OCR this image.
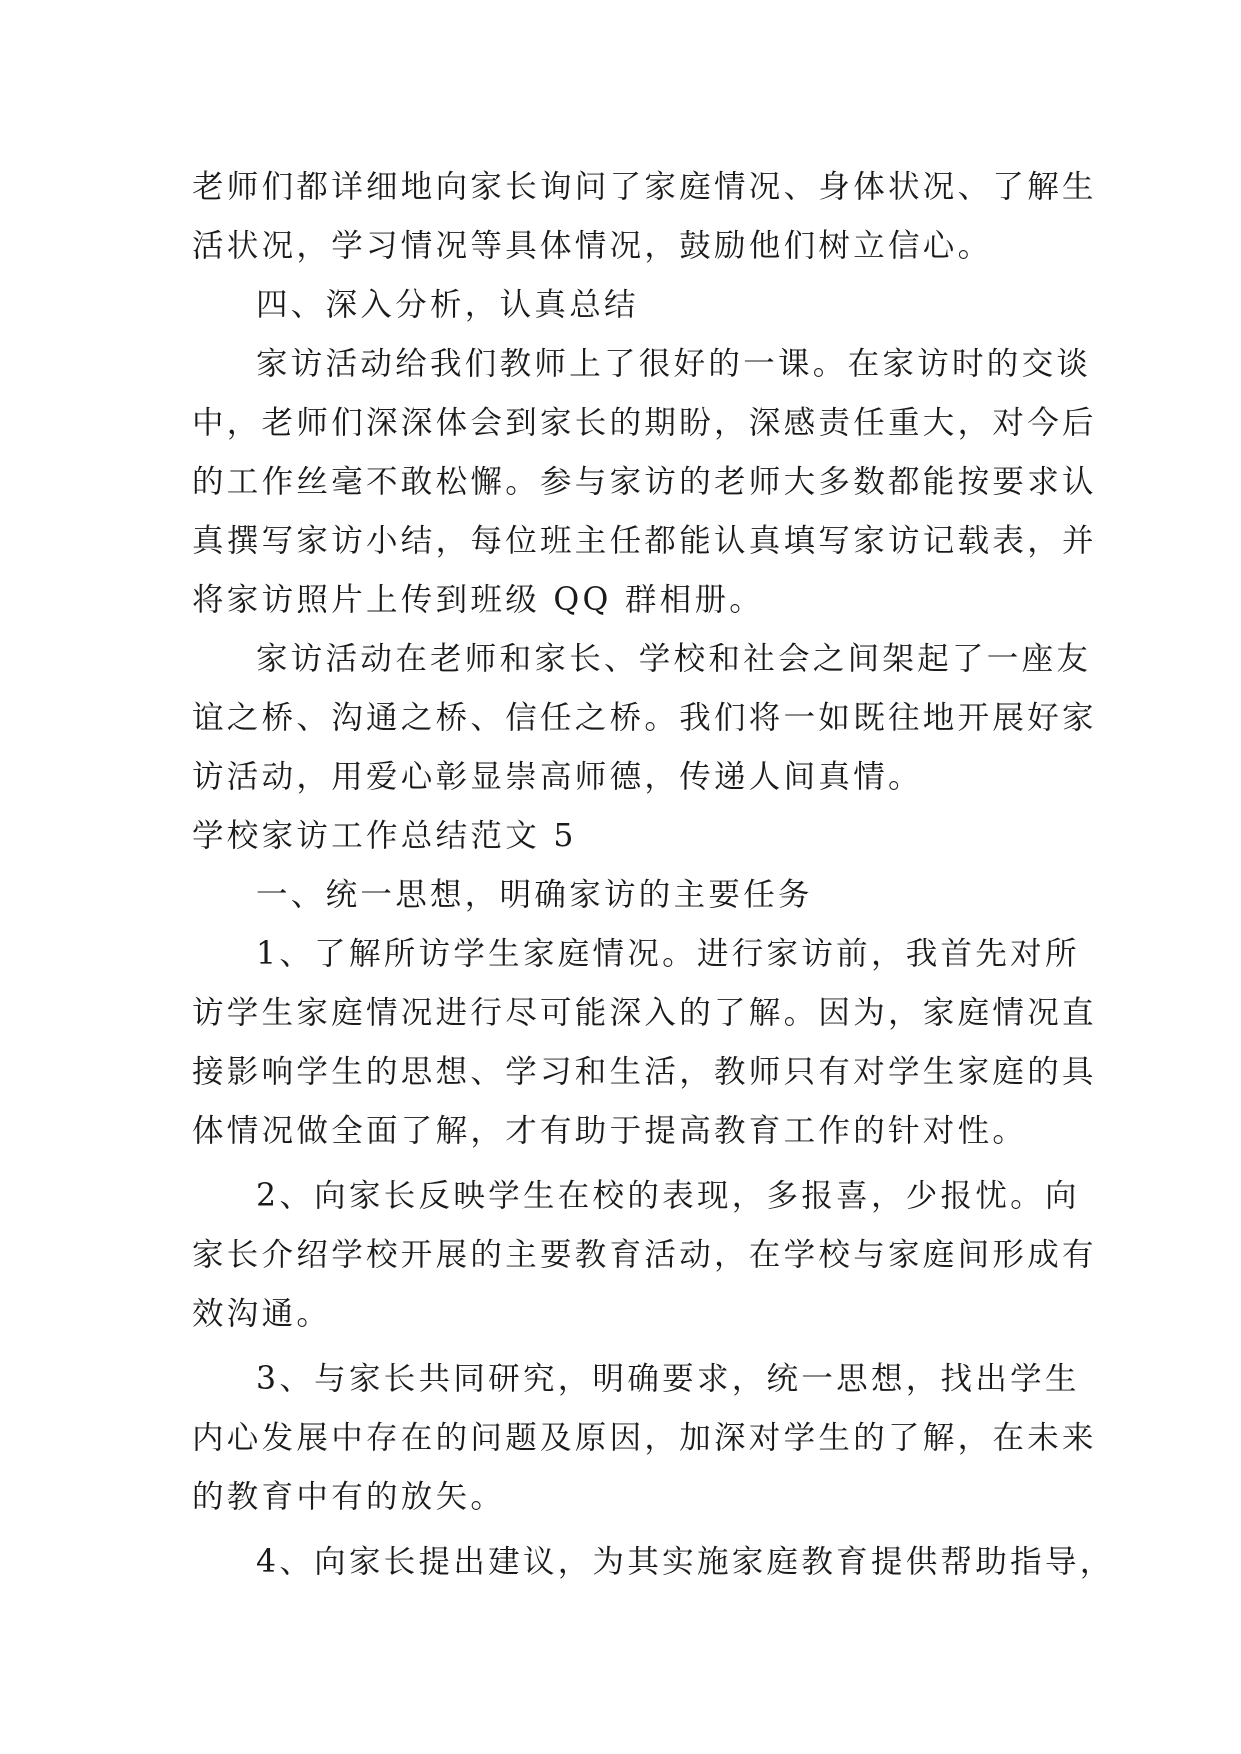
老师们都详细地向家长询问了家庭情况、身体状况、了解生
活状况，学习情况等具体情况，鼓励他们树立信心。
四、深入分析，认真总结
家访活动给我们教师上了很好的一课。在家访时的交谈
中，老师们深深体会到家长的期盼，深感责任重大，对今后
的工作丝毫不敢松懈。参与家访的老师大多数都能按要求认
真撰写家访小结，每位班主任都能认真填写家访记载表，并
将家访照片上传到班级 QQ 群相册。
家访活动在老师和家长、学校和社会之间架起了一座友
谊之桥、沟通之桥、信任之桥。我们将一如既往地开展好家
访活动，用爱心彰显崇高师德，传递人间真情。
学校家访工作总结范文 5
一、统一思想，明确家访的主要任务
1、了解所访学生家庭情况。进行家访前，我首先对所
访学生家庭情况进行尽可能深入的了解。因为，家庭情况直
接影响学生的思想、学习和生活，教师只有对学生家庭的具
体情况做全面了解，才有助于提高教育工作的针对性。
2、向家长反映学生在校的表现，多报喜，少报忧。向
家长介绍学校开展的主要教育活动，在学校与家庭间形成有
效沟通。
3、与家长共同研究，明确要求，统一思想，找出学生
内心发展中存在的问题及原因，加深对学生的了解，在未来
的教育中有的放矢。
4、向家长提出建议，为其实施家庭教育提供帮助指导，
